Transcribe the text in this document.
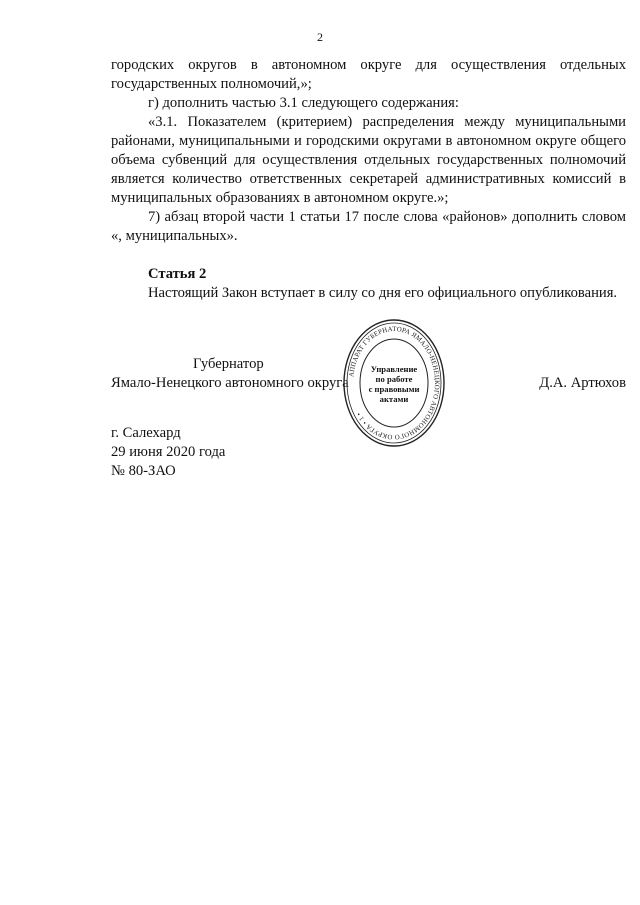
2

городских округов в автономном округе для осуществления отдельных государственных полномочий,»;

г) дополнить частью 3.1 следующего содержания:

«3.1. Показателем (критерием) распределения между муниципальными районами, муниципальными и городскими округами в автономном округе общего объема субвенций для осуществления отдельных государственных полномочий является количество ответственных секретарей административных комиссий в муниципальных образованиях в автономном округе.»;

7) абзац второй части 1 статьи 17 после слова «районов» дополнить словом «, муниципальных».

Статья 2

Настоящий Закон вступает в силу со дня его официального опубликования.

Губернатор
Ямало-Ненецкого автономного округа	Д.А. Артюхов
АППАРАТ ГУБЕРНАТОРА ЯМАЛО-НЕНЕЦКОГО АВТОНОМНОГО ОКРУГА • 1 •
Управление
по работе
с правовыми
актами
г. Салехард
29 июня 2020 года
№ 80-ЗАО
